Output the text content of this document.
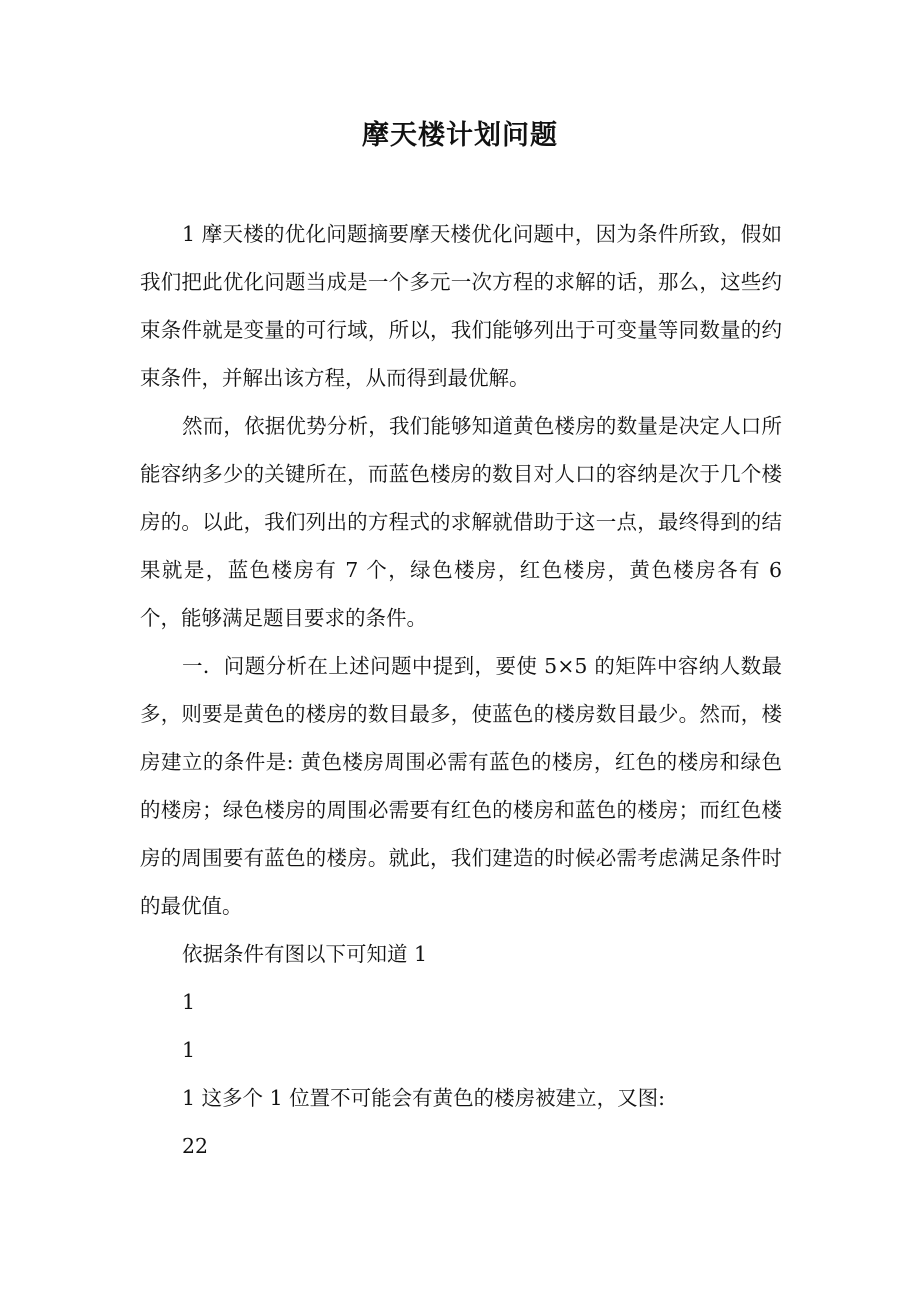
摩天楼计划问题

1 摩天楼的优化问题摘要摩天楼优化问题中，因为条件所致，假如我们把此优化问题当成是一个多元一次方程的求解的话，那么，这些约束条件就是变量的可行域，所以，我们能够列出于可变量等同数量的约束条件，并解出该方程，从而得到最优解。

然而，依据优势分析，我们能够知道黄色楼房的数量是决定人口所能容纳多少的关键所在，而蓝色楼房的数目对人口的容纳是次于几个楼房的。以此，我们列出的方程式的求解就借助于这一点，最终得到的结果就是，蓝色楼房有 7 个，绿色楼房，红色楼房，黄色楼房各有 6 个，能够满足题目要求的条件。

一．问题分析在上述问题中提到，要使 5×5 的矩阵中容纳人数最多，则要是黄色的楼房的数目最多，使蓝色的楼房数目最少。然而，楼房建立的条件是: 黄色楼房周围必需有蓝色的楼房，红色的楼房和绿色的楼房；绿色楼房的周围必需要有红色的楼房和蓝色的楼房；而红色楼房的周围要有蓝色的楼房。就此，我们建造的时候必需考虑满足条件时的最优值。

依据条件有图以下可知道 1

1

1

1 这多个 1 位置不可能会有黄色的楼房被建立，又图:

22
